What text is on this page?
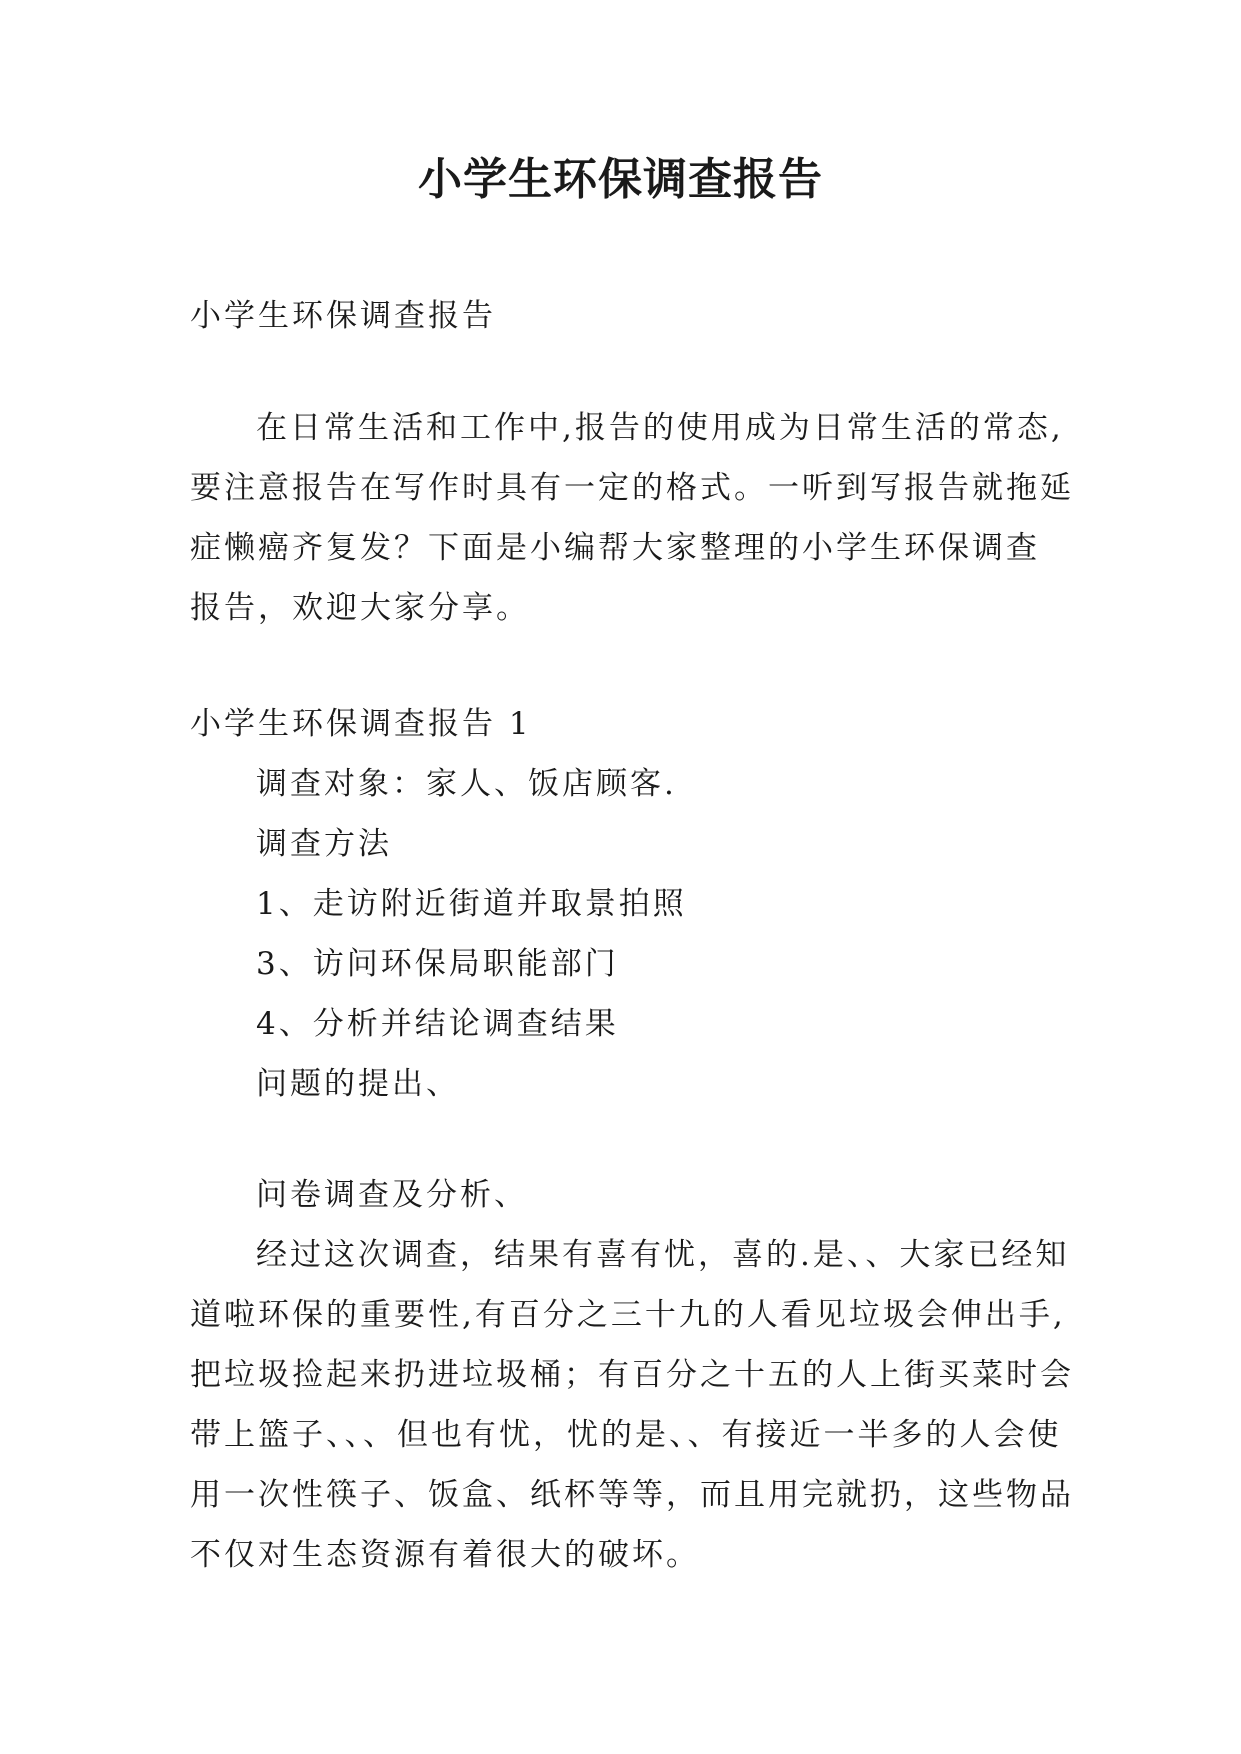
小学生环保调查报告
小学生环保调查报告
在日常生活和工作中,报告的使用成为日常生活的常态,
要注意报告在写作时具有一定的格式。一听到写报告就拖延
症懒癌齐复发？下面是小编帮大家整理的小学生环保调查
报告，欢迎大家分享。
小学生环保调查报告 1
调查对象：家人、饭店顾客.
调查方法
1、走访附近街道并取景拍照
3、访问环保局职能部门
4、分析并结论调查结果
问题的提出、
问卷调查及分析、
经过这次调查，结果有喜有忧，喜的.是、、大家已经知
道啦环保的重要性,有百分之三十九的人看见垃圾会伸出手,
把垃圾捡起来扔进垃圾桶；有百分之十五的人上街买菜时会
带上篮子、、、但也有忧，忧的是、、有接近一半多的人会使
用一次性筷子、饭盒、纸杯等等，而且用完就扔，这些物品
不仅对生态资源有着很大的破坏。
